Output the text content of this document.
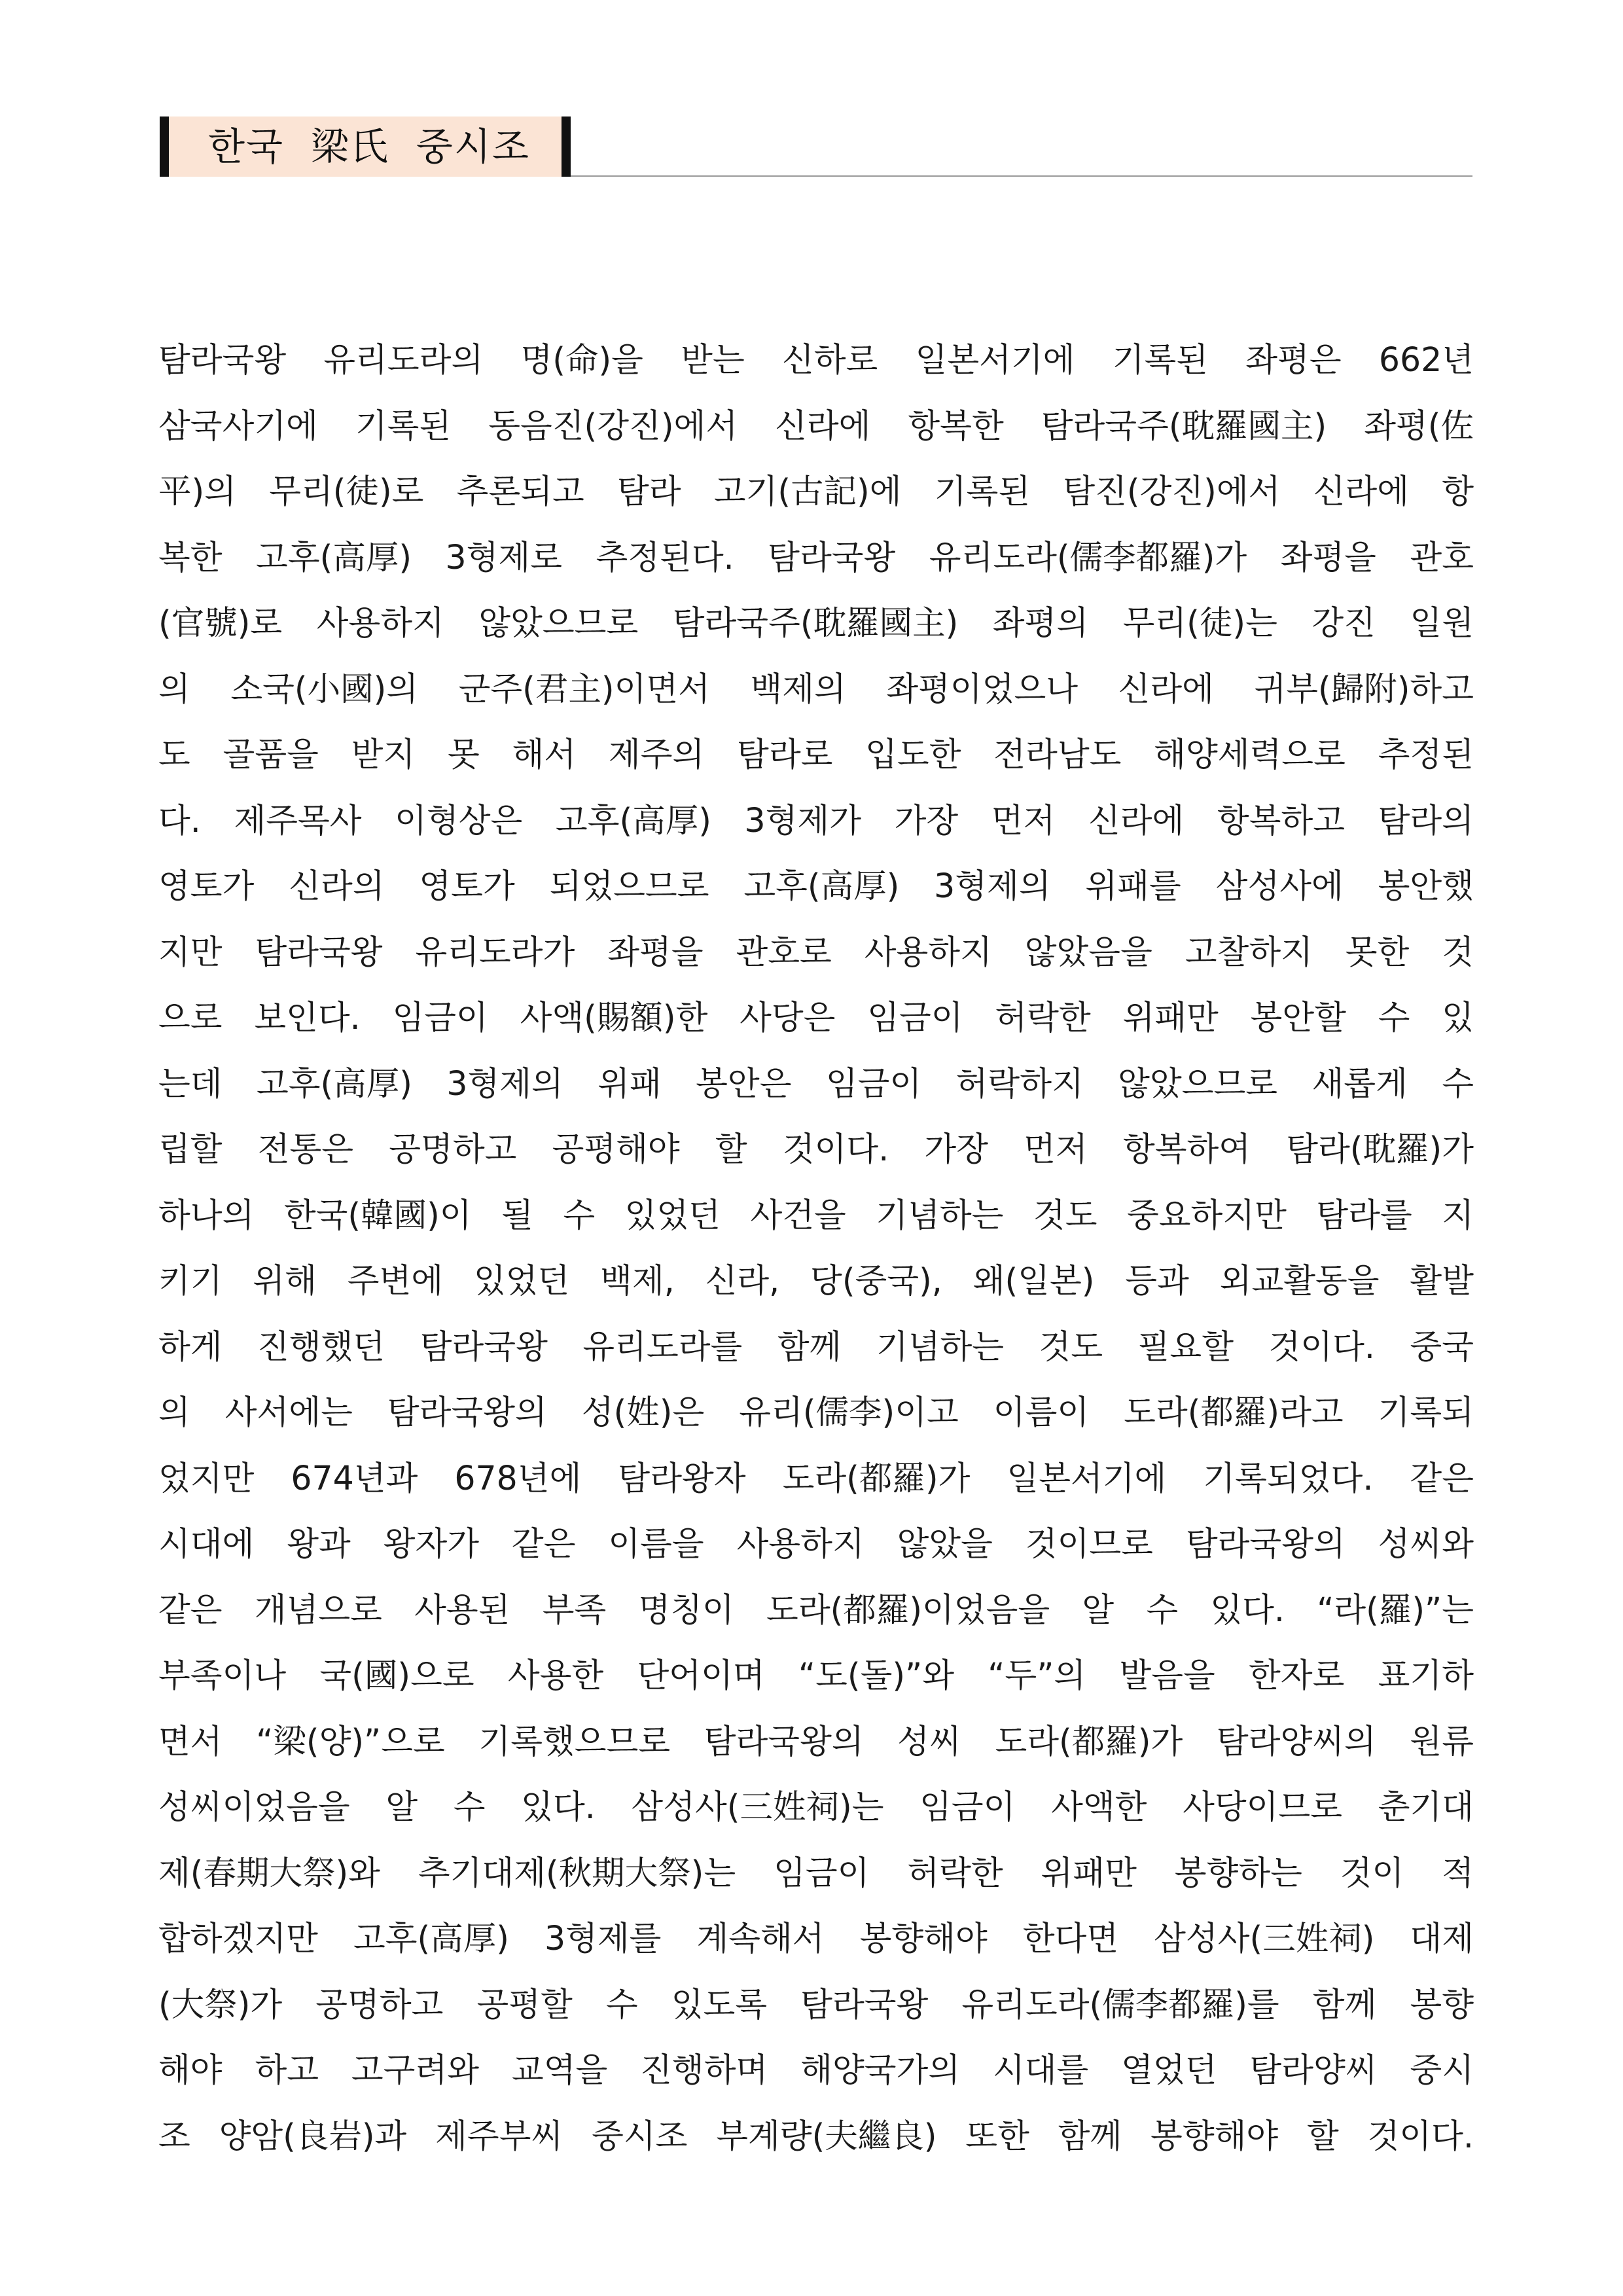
한국  梁氏  중시조
탐라국왕 유리도라의 명(命)을 받는 신하로 일본서기에 기록된 좌평은 662년
삼국사기에 기록된 동음진(강진)에서 신라에 항복한 탐라국주(耽羅國主) 좌평(佐
平)의 무리(徒)로 추론되고 탐라 고기(古記)에 기록된 탐진(강진)에서 신라에 항
복한 고후(高厚) 3형제로 추정된다. 탐라국왕 유리도라(儒李都羅)가 좌평을 관호
(官號)로 사용하지 않았으므로 탐라국주(耽羅國主) 좌평의 무리(徒)는 강진 일원
의 소국(小國)의 군주(君主)이면서 백제의 좌평이었으나 신라에 귀부(歸附)하고
도 골품을 받지 못 해서 제주의 탐라로 입도한 전라남도 해양세력으로 추정된
다. 제주목사 이형상은 고후(高厚) 3형제가 가장 먼저 신라에 항복하고 탐라의
영토가 신라의 영토가 되었으므로 고후(高厚) 3형제의 위패를 삼성사에 봉안했
지만 탐라국왕 유리도라가 좌평을 관호로 사용하지 않았음을 고찰하지 못한 것
으로 보인다. 임금이 사액(賜額)한 사당은 임금이 허락한 위패만 봉안할 수 있
는데 고후(高厚) 3형제의 위패 봉안은 임금이 허락하지 않았으므로 새롭게 수
립할 전통은 공명하고 공평해야 할 것이다. 가장 먼저 항복하여 탐라(耽羅)가
하나의 한국(韓國)이 될 수 있었던 사건을 기념하는 것도 중요하지만 탐라를 지
키기 위해 주변에 있었던 백제, 신라, 당(중국), 왜(일본) 등과 외교활동을 활발
하게 진행했던 탐라국왕 유리도라를 함께 기념하는 것도 필요할 것이다. 중국
의 사서에는 탐라국왕의 성(姓)은 유리(儒李)이고 이름이 도라(都羅)라고 기록되
었지만 674년과 678년에 탐라왕자 도라(都羅)가 일본서기에 기록되었다. 같은
시대에 왕과 왕자가 같은 이름을 사용하지 않았을 것이므로 탐라국왕의 성씨와
같은 개념으로 사용된 부족 명칭이 도라(都羅)이었음을 알 수 있다. “라(羅)”는
부족이나 국(國)으로 사용한 단어이며 “도(돌)”와 “두”의 발음을 한자로 표기하
면서 “梁(양)”으로 기록했으므로 탐라국왕의 성씨 도라(都羅)가 탐라양씨의 원류
성씨이었음을 알 수 있다. 삼성사(三姓祠)는 임금이 사액한 사당이므로 춘기대
제(春期大祭)와 추기대제(秋期大祭)는 임금이 허락한 위패만 봉향하는 것이 적
합하겠지만 고후(高厚) 3형제를 계속해서 봉향해야 한다면 삼성사(三姓祠) 대제
(大祭)가 공명하고 공평할 수 있도록 탐라국왕 유리도라(儒李都羅)를 함께 봉향
해야 하고 고구려와 교역을 진행하며 해양국가의 시대를 열었던 탐라양씨 중시
조 양암(良岩)과 제주부씨 중시조 부계량(夫繼良) 또한 함께 봉향해야 할 것이다.
